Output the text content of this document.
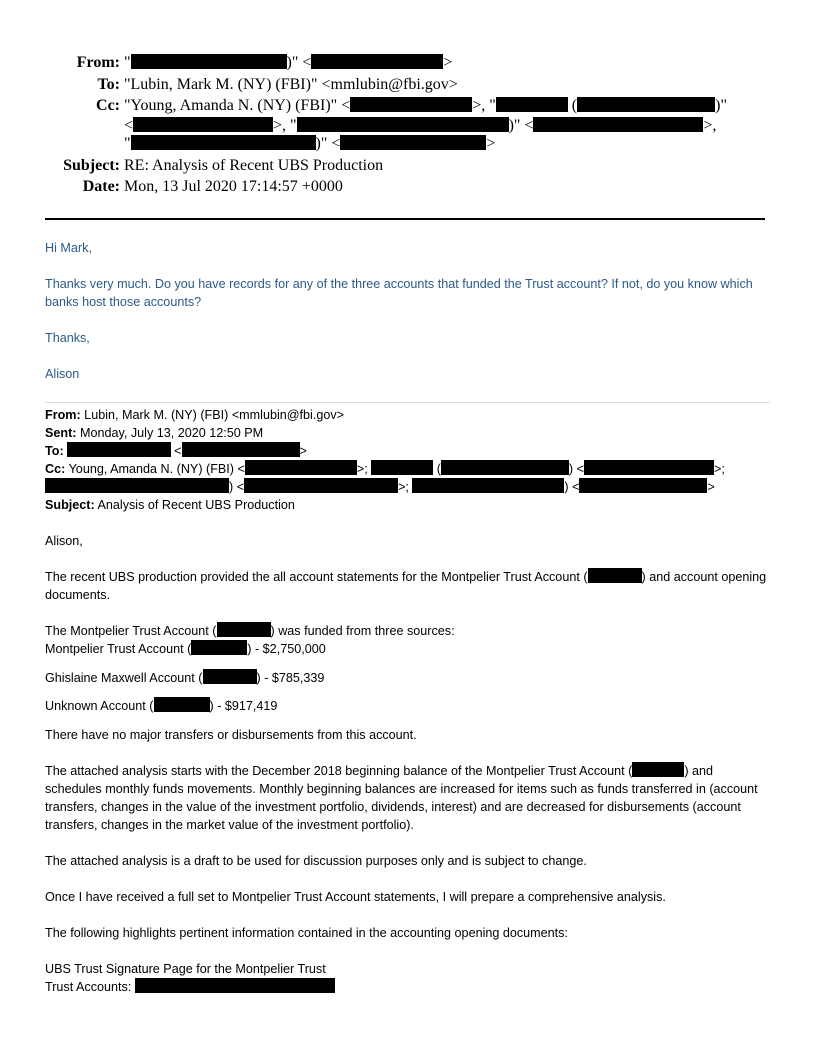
From: "	)" <	>
To: "Lubin, Mark M. (NY) (FBI)" <mmlubin@fbi.gov>
Cc: "Young, Amanda N. (NY) (FBI)" <	>, "	(	)"
<	>, "	)" <	>,
"	)" <	>
Subject: RE: Analysis of Recent UBS Production
Date: Mon, 13 Jul 2020 17:14:57 +0000
Hi Mark,
Thanks very much. Do you have records for any of the three accounts that funded the Trust account? If not, do you know which banks host those accounts?
Thanks,
Alison
From: Lubin, Mark M. (NY) (FBI) <mmlubin@fbi.gov>
Sent: Monday, July 13, 2020 12:50 PM
To:	<	>
Cc: Young, Amanda N. (NY) (FBI) <	>;	(	) <	>;
) <	>;	) <	>
Subject: Analysis of Recent UBS Production
Alison,
The recent UBS production provided the all account statements for the Montpelier Trust Account (	) and account opening documents.
The Montpelier Trust Account (	) was funded from three sources:
Montpelier Trust Account (	) - $2,750,000
Ghislaine Maxwell Account (	) - $785,339
Unknown Account (	) - $917,419
There have no major transfers or disbursements from this account.
The attached analysis starts with the December 2018 beginning balance of the Montpelier Trust Account (	) and schedules monthly funds movements. Monthly beginning balances are increased for items such as funds transferred in (account transfers, changes in the value of the investment portfolio, dividends, interest) and are decreased for disbursements (account transfers, changes in the market value of the investment portfolio).
The attached analysis is a draft to be used for discussion purposes only and is subject to change.
Once I have received a full set to Montpelier Trust Account statements, I will prepare a comprehensive analysis.
The following highlights pertinent information contained in the accounting opening documents:
UBS Trust Signature Page for the Montpelier Trust
Trust Accounts:
